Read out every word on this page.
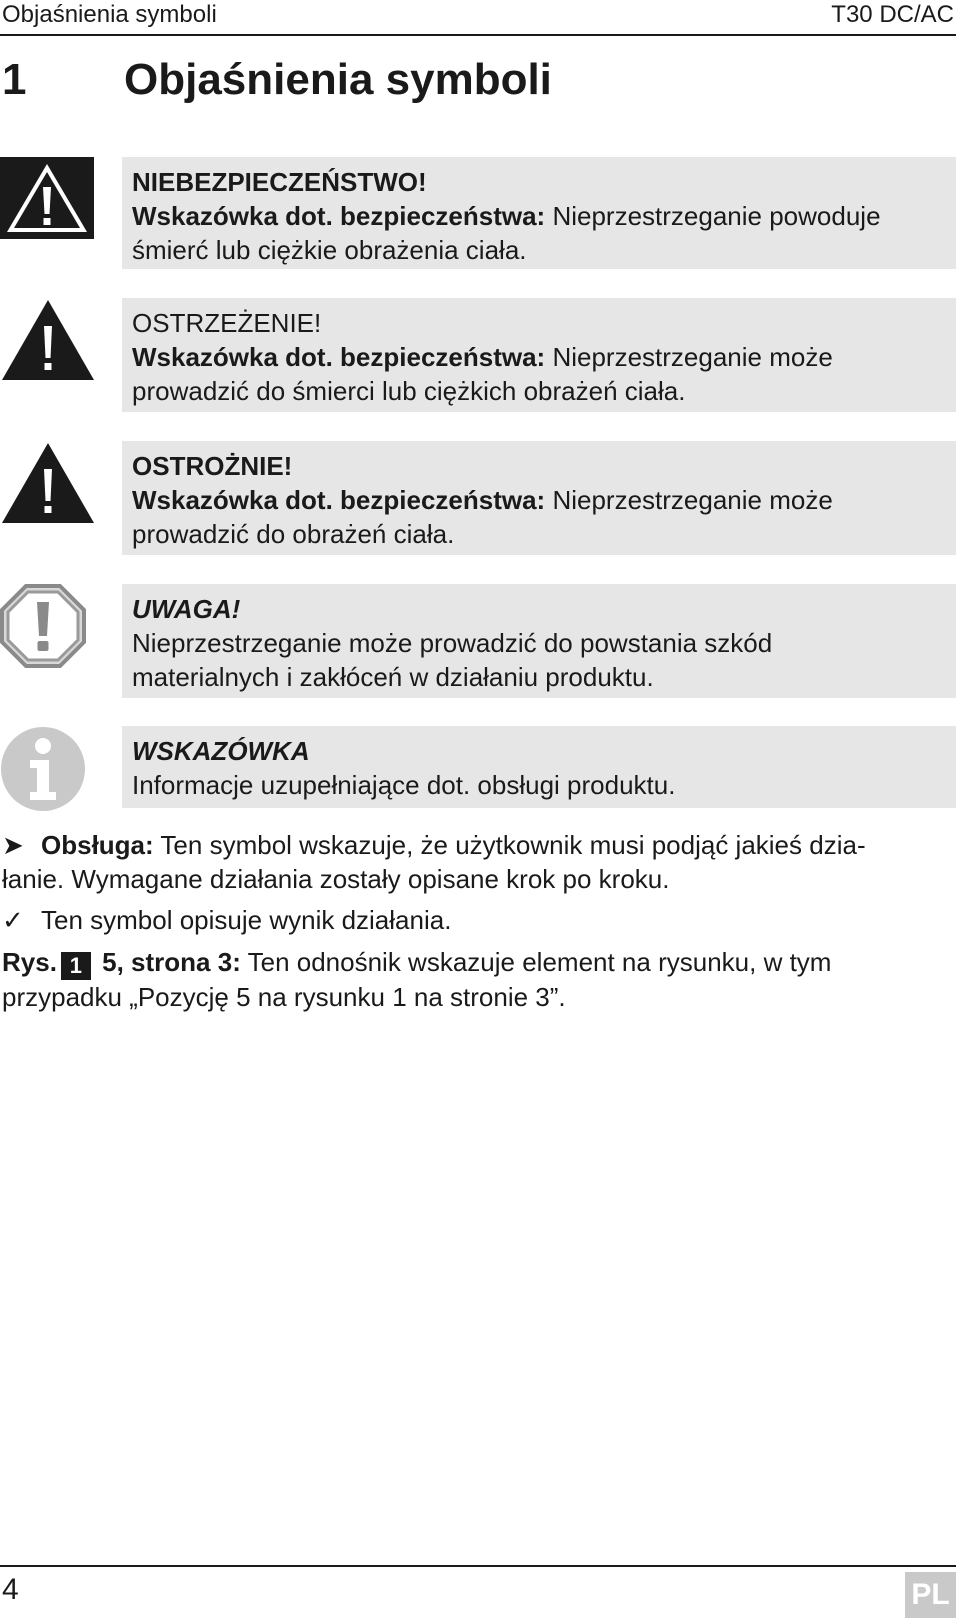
Objaśnienia symboli	T30 DC/AC
1 Objaśnienia symboli
NIEBEZPIECZEŃSTWO!
Wskazówka dot. bezpieczeństwa: Nieprzestrzeganie powoduje
śmierć lub ciężkie obrażenia ciała.
OSTRZEŻENIE!
Wskazówka dot. bezpieczeństwa: Nieprzestrzeganie może
prowadzić do śmierci lub ciężkich obrażeń ciała.
OSTROŻNIE!
Wskazówka dot. bezpieczeństwa: Nieprzestrzeganie może
prowadzić do obrażeń ciała.
UWAGA!
Nieprzestrzeganie może prowadzić do powstania szkód
materialnych i zakłóceń w działaniu produktu.
WSKAZÓWKA
Informacje uzupełniające dot. obsługi produktu.
➤ Obsługa: Ten symbol wskazuje, że użytkownik musi podjąć jakieś dzia-
łanie. Wymagane działania zostały opisane krok po kroku.
✓ Ten symbol opisuje wynik działania.
Rys. 1 5, strona 3: Ten odnośnik wskazuje element na rysunku, w tym
przypadku „Pozycję 5 na rysunku 1 na stronie 3”.
4	PL
